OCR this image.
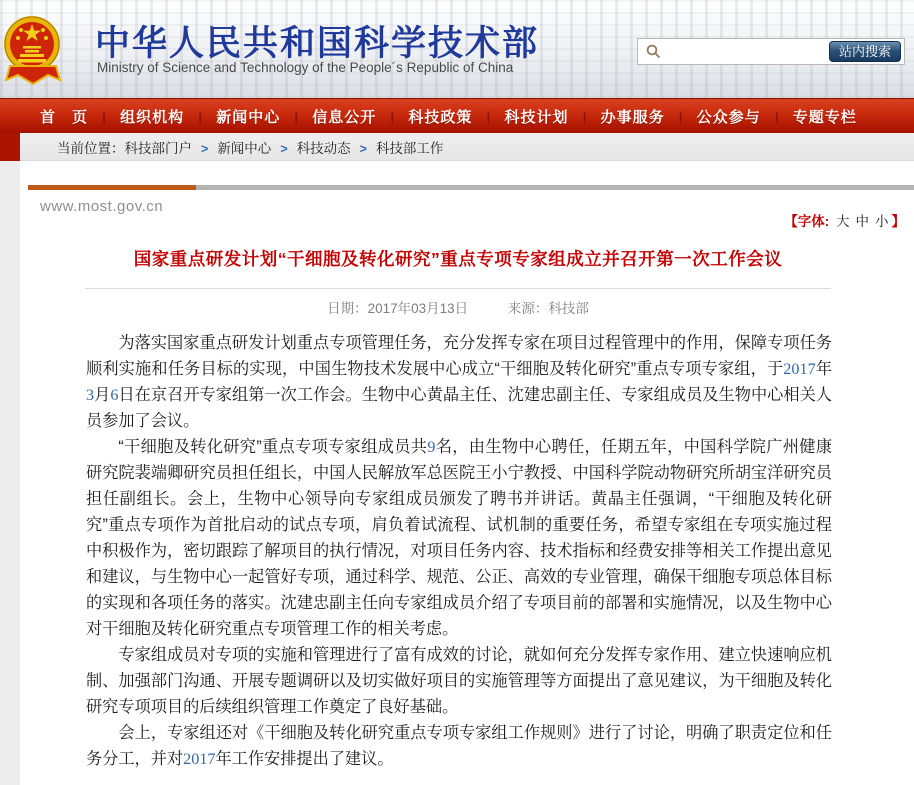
中华人民共和国科学技术部
Ministry of Science and Technology of the People´s Republic of China
站内搜索
首　页 | 组织机构 | 新闻中心 | 信息公开 | 科技政策 | 科技计划 | 办事服务 | 公众参与 | 专题专栏
当前位置： 科技部门户 > 新闻中心 > 科技动态 > 科技部工作
www.most.gov.cn
【字体: 大 中 小 】
国家重点研发计划“干细胞及转化研究”重点专项专家组成立并召开第一次工作会议
日期：2017年03月13日	来源：科技部

为落实国家重点研发计划重点专项管理任务，充分发挥专家在项目过程管理中的作用，保障专项任务顺利实施和任务目标的实现，中国生物技术发展中心成立“干细胞及转化研究”重点专项专家组，于2017年3月6日在京召开专家组第一次工作会。生物中心黄晶主任、沈建忠副主任、专家组成员及生物中心相关人员参加了会议。

“干细胞及转化研究”重点专项专家组成员共9名，由生物中心聘任，任期五年，中国科学院广州健康研究院裴端卿研究员担任组长，中国人民解放军总医院王小宁教授、中国科学院动物研究所胡宝洋研究员担任副组长。会上，生物中心领导向专家组成员颁发了聘书并讲话。黄晶主任强调，“干细胞及转化研究”重点专项作为首批启动的试点专项，肩负着试流程、试机制的重要任务，希望专家组在专项实施过程中积极作为，密切跟踪了解项目的执行情况，对项目任务内容、技术指标和经费安排等相关工作提出意见和建议，与生物中心一起管好专项，通过科学、规范、公正、高效的专业管理，确保干细胞专项总体目标的实现和各项任务的落实。沈建忠副主任向专家组成员介绍了专项目前的部署和实施情况，以及生物中心对干细胞及转化研究重点专项管理工作的相关考虑。

专家组成员对专项的实施和管理进行了富有成效的讨论，就如何充分发挥专家作用、建立快速响应机制、加强部门沟通、开展专题调研以及切实做好项目的实施管理等方面提出了意见建议，为干细胞及转化研究专项项目的后续组织管理工作奠定了良好基础。

会上，专家组还对《干细胞及转化研究重点专项专家组工作规则》进行了讨论，明确了职责定位和任务分工，并对2017年工作安排提出了建议。
